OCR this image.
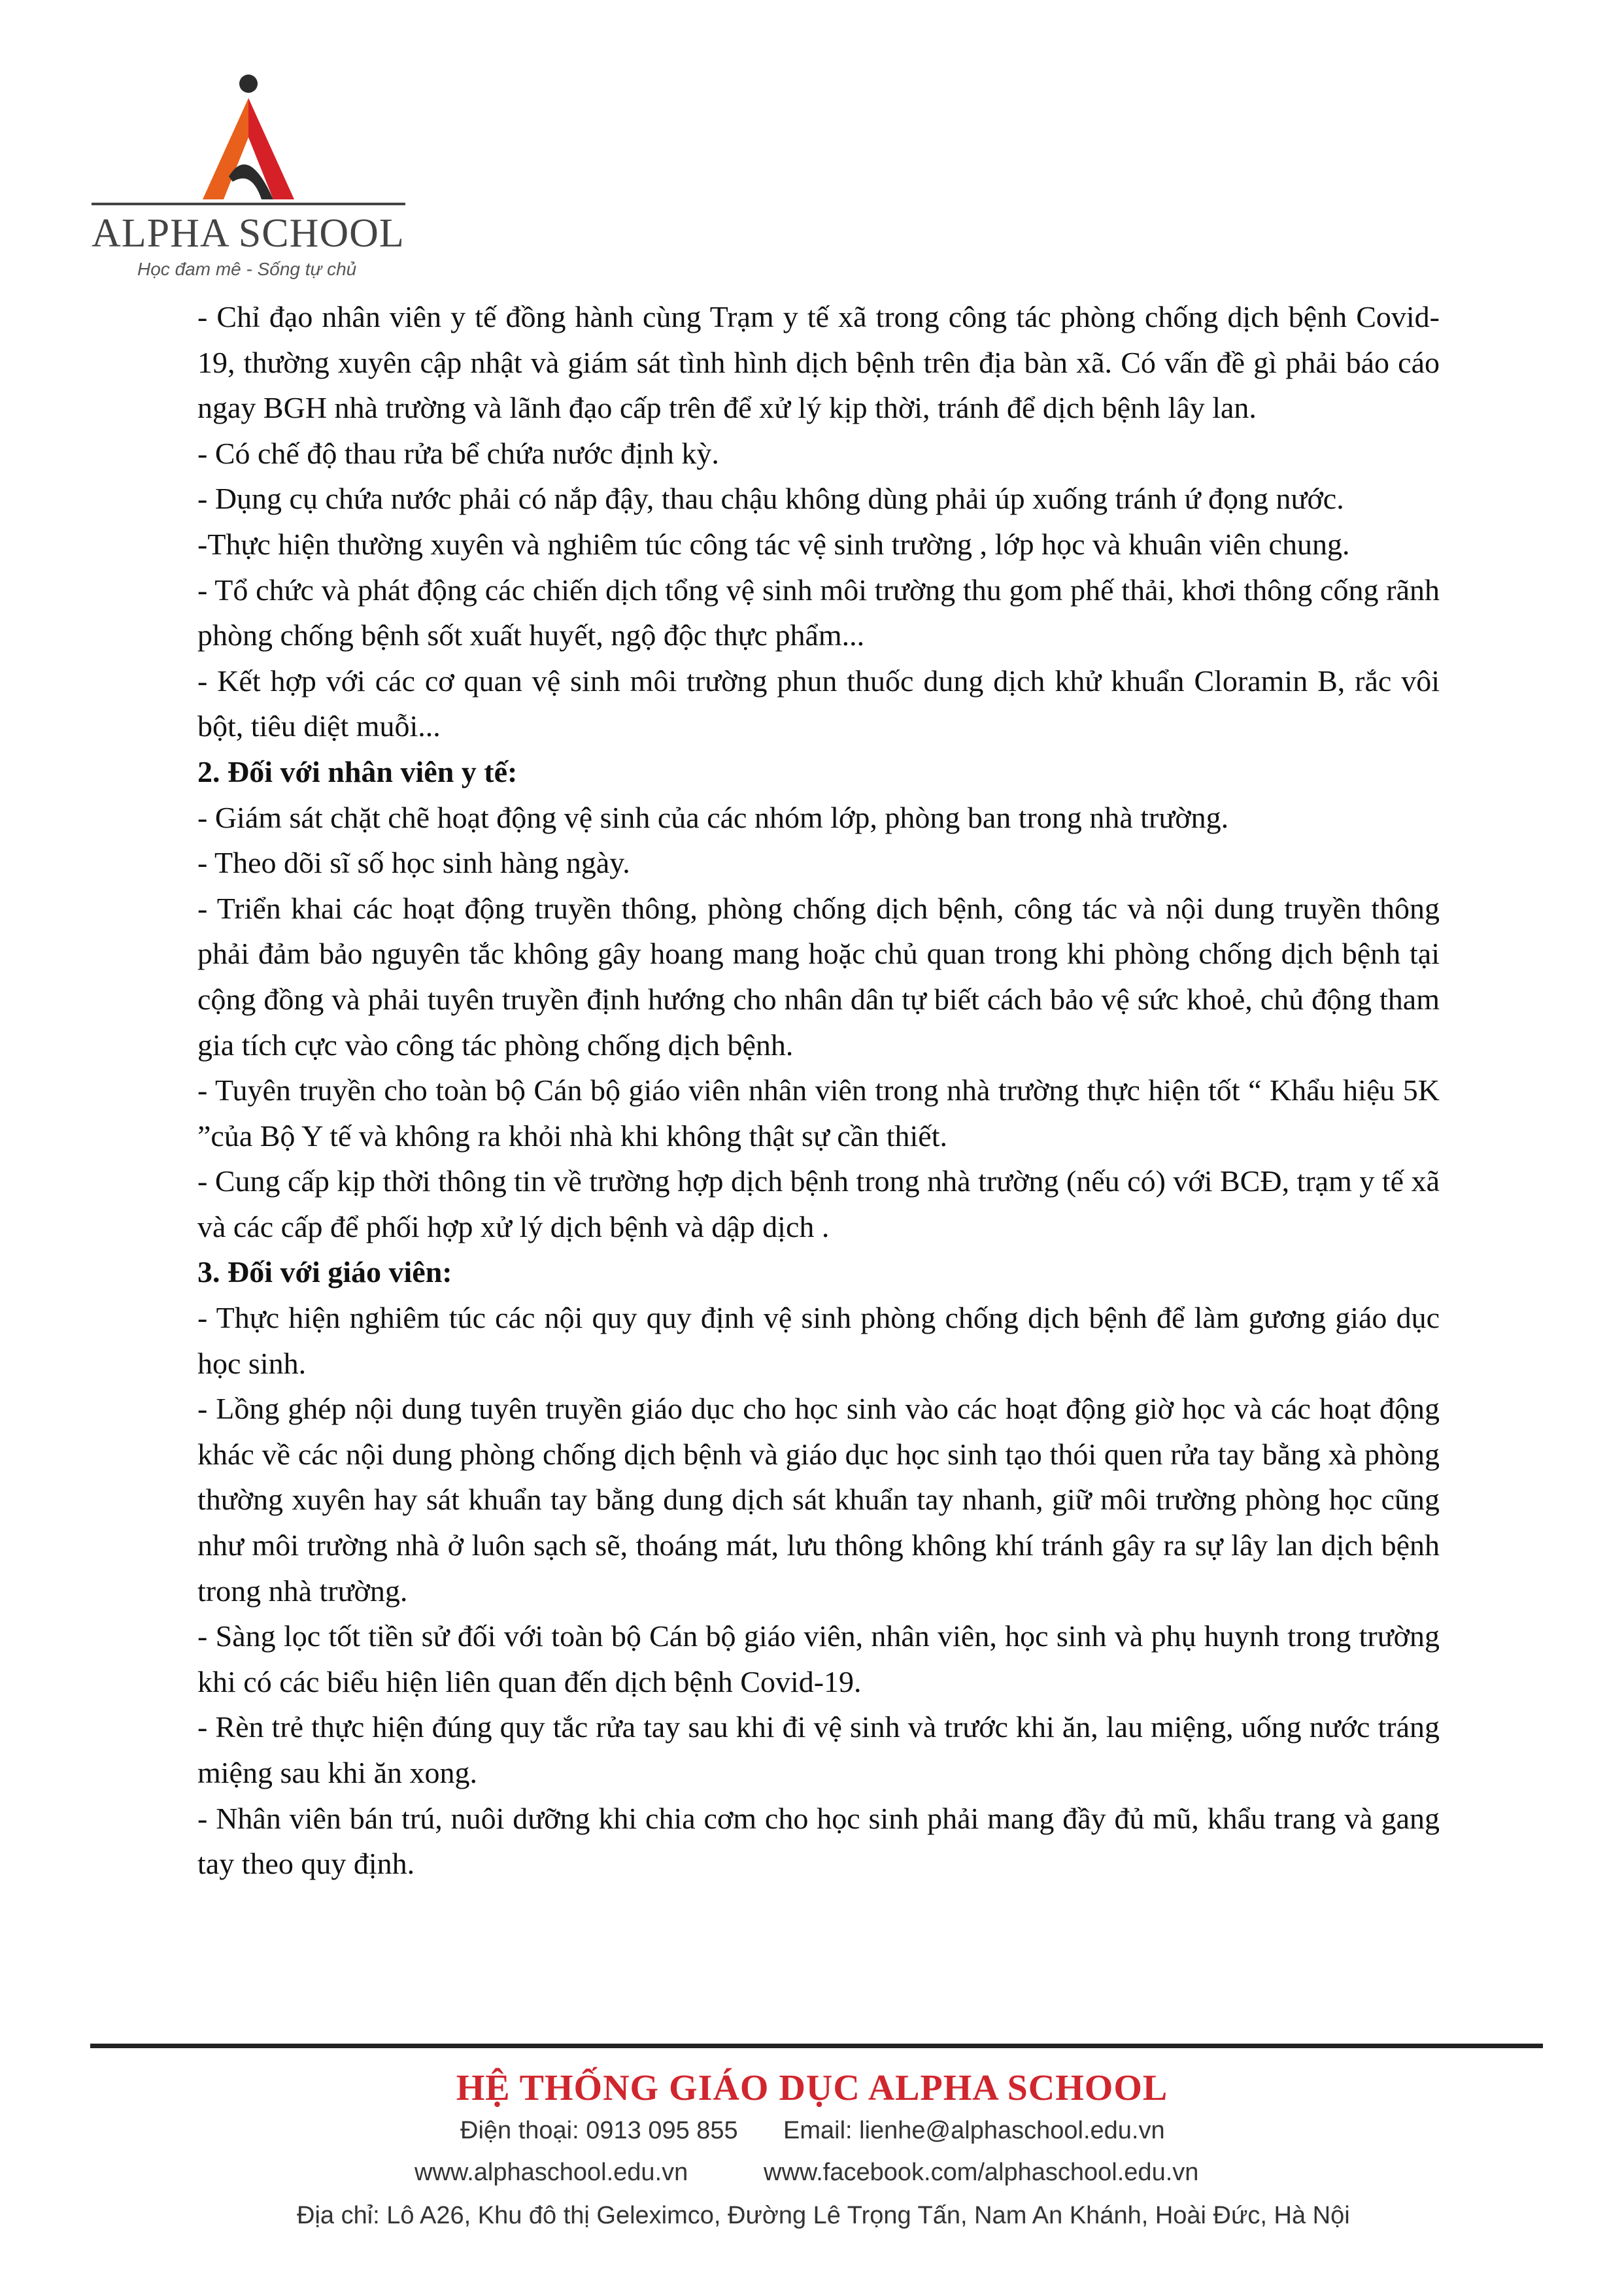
ALPHA SCHOOL
Học đam mê - Sống tự chủ

- Chỉ đạo nhân viên y tế đồng hành cùng Trạm y tế xã trong công tác phòng chống dịch bệnh Covid-19, thường xuyên cập nhật và giám sát tình hình dịch bệnh trên địa bàn xã. Có vấn đề gì phải báo cáo ngay BGH nhà trường và lãnh đạo cấp trên để xử lý kịp thời, tránh để dịch bệnh lây lan.

- Có chế độ thau rửa bể chứa nước định kỳ.

- Dụng cụ chứa nước phải có nắp đậy, thau chậu không dùng phải úp xuống tránh ứ đọng nước.

-Thực hiện thường xuyên và nghiêm túc công tác vệ sinh trường , lớp học và khuân viên chung.

- Tổ chức và phát động các chiến dịch tổng vệ sinh môi trường thu gom phế thải, khơi thông cống rãnh phòng chống bệnh sốt xuất huyết, ngộ độc thực phẩm...

- Kết hợp với các cơ quan vệ sinh môi trường phun thuốc dung dịch khử khuẩn Cloramin B, rắc vôi bột, tiêu diệt muỗi...

2. Đối với nhân viên y tế:

- Giám sát chặt chẽ hoạt động vệ sinh của các nhóm lớp, phòng ban trong nhà trường.

- Theo dõi sĩ số học sinh hàng ngày.

- Triển khai các hoạt động truyền thông, phòng chống dịch bệnh, công tác và nội dung truyền thông phải đảm bảo nguyên tắc không gây hoang mang hoặc chủ quan trong khi phòng chống dịch bệnh tại cộng đồng và phải tuyên truyền định hướng cho nhân dân tự biết cách bảo vệ sức khoẻ, chủ động tham gia tích cực vào công tác phòng chống dịch bệnh.

- Tuyên truyền cho toàn bộ Cán bộ giáo viên nhân viên trong nhà trường thực hiện tốt “ Khẩu hiệu 5K ”của Bộ Y tế và không ra khỏi nhà khi không thật sự cần thiết.

- Cung cấp kịp thời thông tin về trường hợp dịch bệnh trong nhà trường (nếu có) với BCĐ, trạm y tế xã và các cấp để phối hợp xử lý dịch bệnh và dập dịch .

3. Đối với giáo viên:

- Thực hiện nghiêm túc các nội quy quy định vệ sinh phòng chống dịch bệnh để làm gương giáo dục học sinh.

- Lồng ghép nội dung tuyên truyền giáo dục cho học sinh vào các hoạt động giờ học và các hoạt động khác về các nội dung phòng chống dịch bệnh và giáo dục học sinh tạo thói quen rửa tay bằng xà phòng thường xuyên hay sát khuẩn tay bằng dung dịch sát khuẩn tay nhanh, giữ môi trường phòng học cũng như môi trường nhà ở luôn sạch sẽ, thoáng mát, lưu thông không khí tránh gây ra sự lây lan dịch bệnh trong nhà trường.

- Sàng lọc tốt tiền sử đối với toàn bộ Cán bộ giáo viên, nhân viên, học sinh và phụ huynh trong trường khi có các biểu hiện liên quan đến dịch bệnh Covid-19.

- Rèn trẻ thực hiện đúng quy tắc rửa tay sau khi đi vệ sinh và trước khi ăn, lau miệng, uống nước tráng miệng sau khi ăn xong.

- Nhân viên bán trú, nuôi dưỡng khi chia cơm cho học sinh phải mang đầy đủ mũ, khẩu trang và gang tay theo quy định.

HỆ THỐNG GIÁO DỤC ALPHA SCHOOL
Điện thoại: 0913 095 855 Email: lienhe@alphaschool.edu.vn
www.alphaschool.edu.vn	www.facebook.com/alphaschool.edu.vn
Địa chỉ: Lô A26, Khu đô thị Geleximco, Đường Lê Trọng Tấn, Nam An Khánh, Hoài Đức, Hà Nội
